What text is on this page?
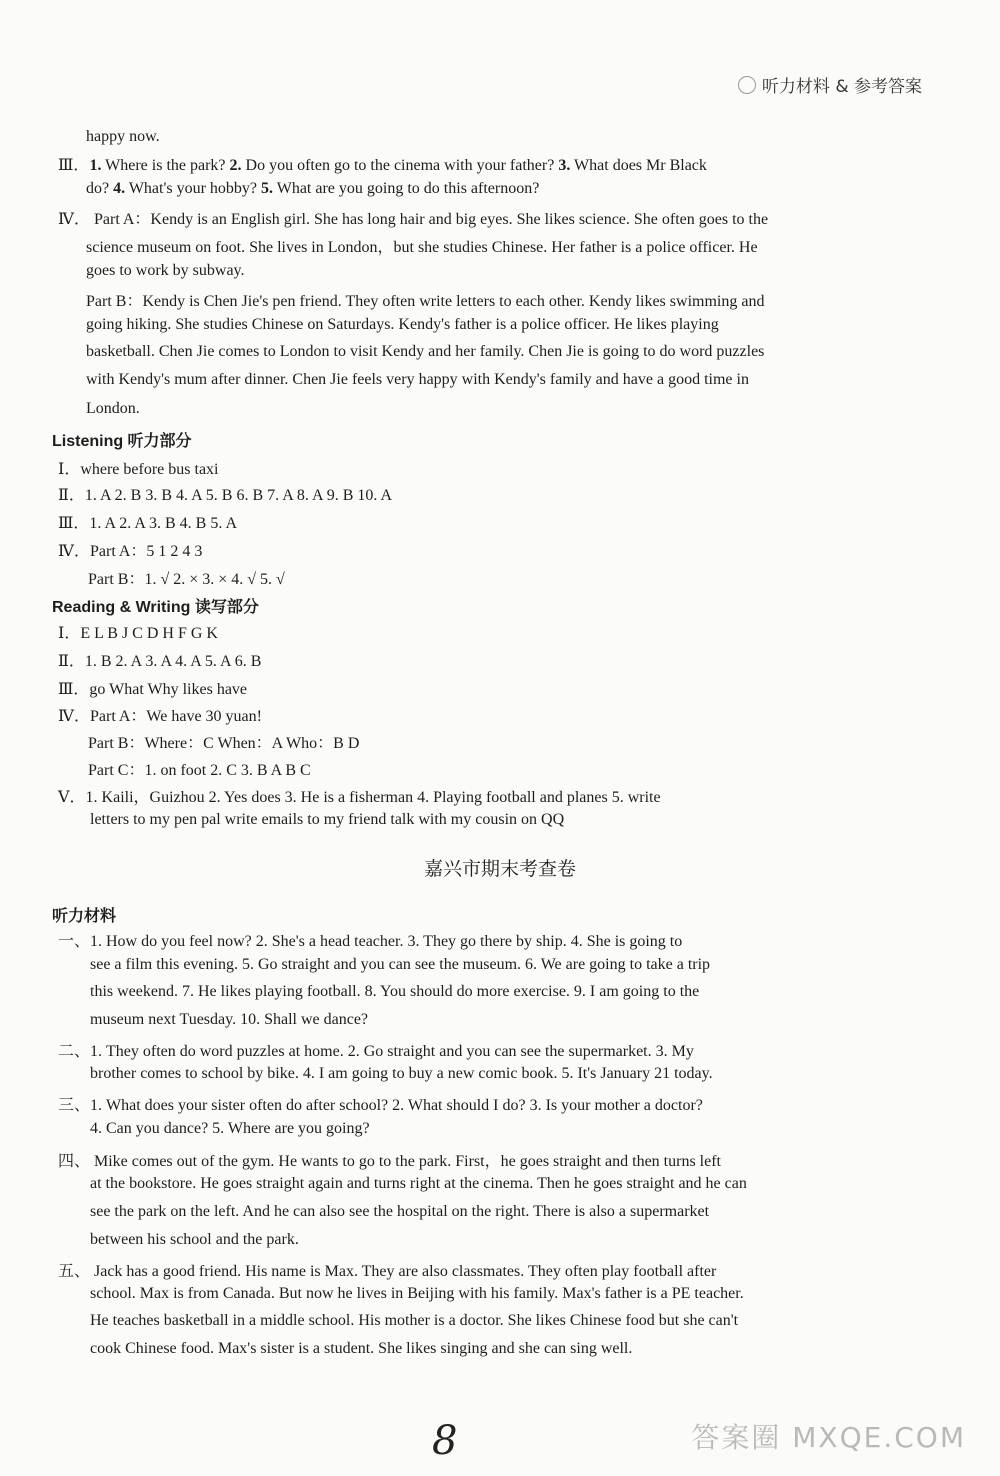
听力材料 & 参考答案
happy now.
Ⅲ．1. Where is the park? 2. Do you often go to the cinema with your father? 3. What does Mr Black
do? 4. What's your hobby? 5. What are you going to do this afternoon?
Ⅳ． Part A：Kendy is an English girl. She has long hair and big eyes. She likes science. She often goes to the
science museum on foot. She lives in London，but she studies Chinese. Her father is a police officer. He
goes to work by subway.
Part B：Kendy is Chen Jie's pen friend. They often write letters to each other. Kendy likes swimming and
going hiking. She studies Chinese on Saturdays. Kendy's father is a police officer. He likes playing
basketball. Chen Jie comes to London to visit Kendy and her family. Chen Jie is going to do word puzzles
with Kendy's mum after dinner. Chen Jie feels very happy with Kendy's family and have a good time in
London.
Listening 听力部分
Ⅰ．where before bus taxi
Ⅱ．1. A 2. B 3. B 4. A 5. B 6. B 7. A 8. A 9. B 10. A
Ⅲ．1. A 2. A 3. B 4. B 5. A
Ⅳ．Part A：5 1 2 4 3
Part B：1. √ 2. × 3. × 4. √ 5. √
Reading & Writing 读写部分
Ⅰ．E L B J C D H F G K
Ⅱ．1. B 2. A 3. A 4. A 5. A 6. B
Ⅲ．go What Why likes have
Ⅳ．Part A：We have 30 yuan!
Part B：Where：C When：A Who：B D
Part C：1. on foot 2. C 3. B A B C
Ⅴ．1. Kaili，Guizhou 2. Yes does 3. He is a fisherman 4. Playing football and planes 5. write
letters to my pen pal write emails to my friend talk with my cousin on QQ
嘉兴市期末考查卷
听力材料
一、1. How do you feel now? 2. She's a head teacher. 3. They go there by ship. 4. She is going to
see a film this evening. 5. Go straight and you can see the museum. 6. We are going to take a trip
this weekend. 7. He likes playing football. 8. You should do more exercise. 9. I am going to the
museum next Tuesday. 10. Shall we dance?
二、1. They often do word puzzles at home. 2. Go straight and you can see the supermarket. 3. My
brother comes to school by bike. 4. I am going to buy a new comic book. 5. It's January 21 today.
三、1. What does your sister often do after school? 2. What should I do? 3. Is your mother a doctor?
4. Can you dance? 5. Where are you going?
四、 Mike comes out of the gym. He wants to go to the park. First，he goes straight and then turns left
at the bookstore. He goes straight again and turns right at the cinema. Then he goes straight and he can
see the park on the left. And he can also see the hospital on the right. There is also a supermarket
between his school and the park.
五、 Jack has a good friend. His name is Max. They are also classmates. They often play football after
school. Max is from Canada. But now he lives in Beijing with his family. Max's father is a PE teacher.
He teaches basketball in a middle school. His mother is a doctor. She likes Chinese food but she can't
cook Chinese food. Max's sister is a student. She likes singing and she can sing well.
8	答案圈 MXQE.COM
